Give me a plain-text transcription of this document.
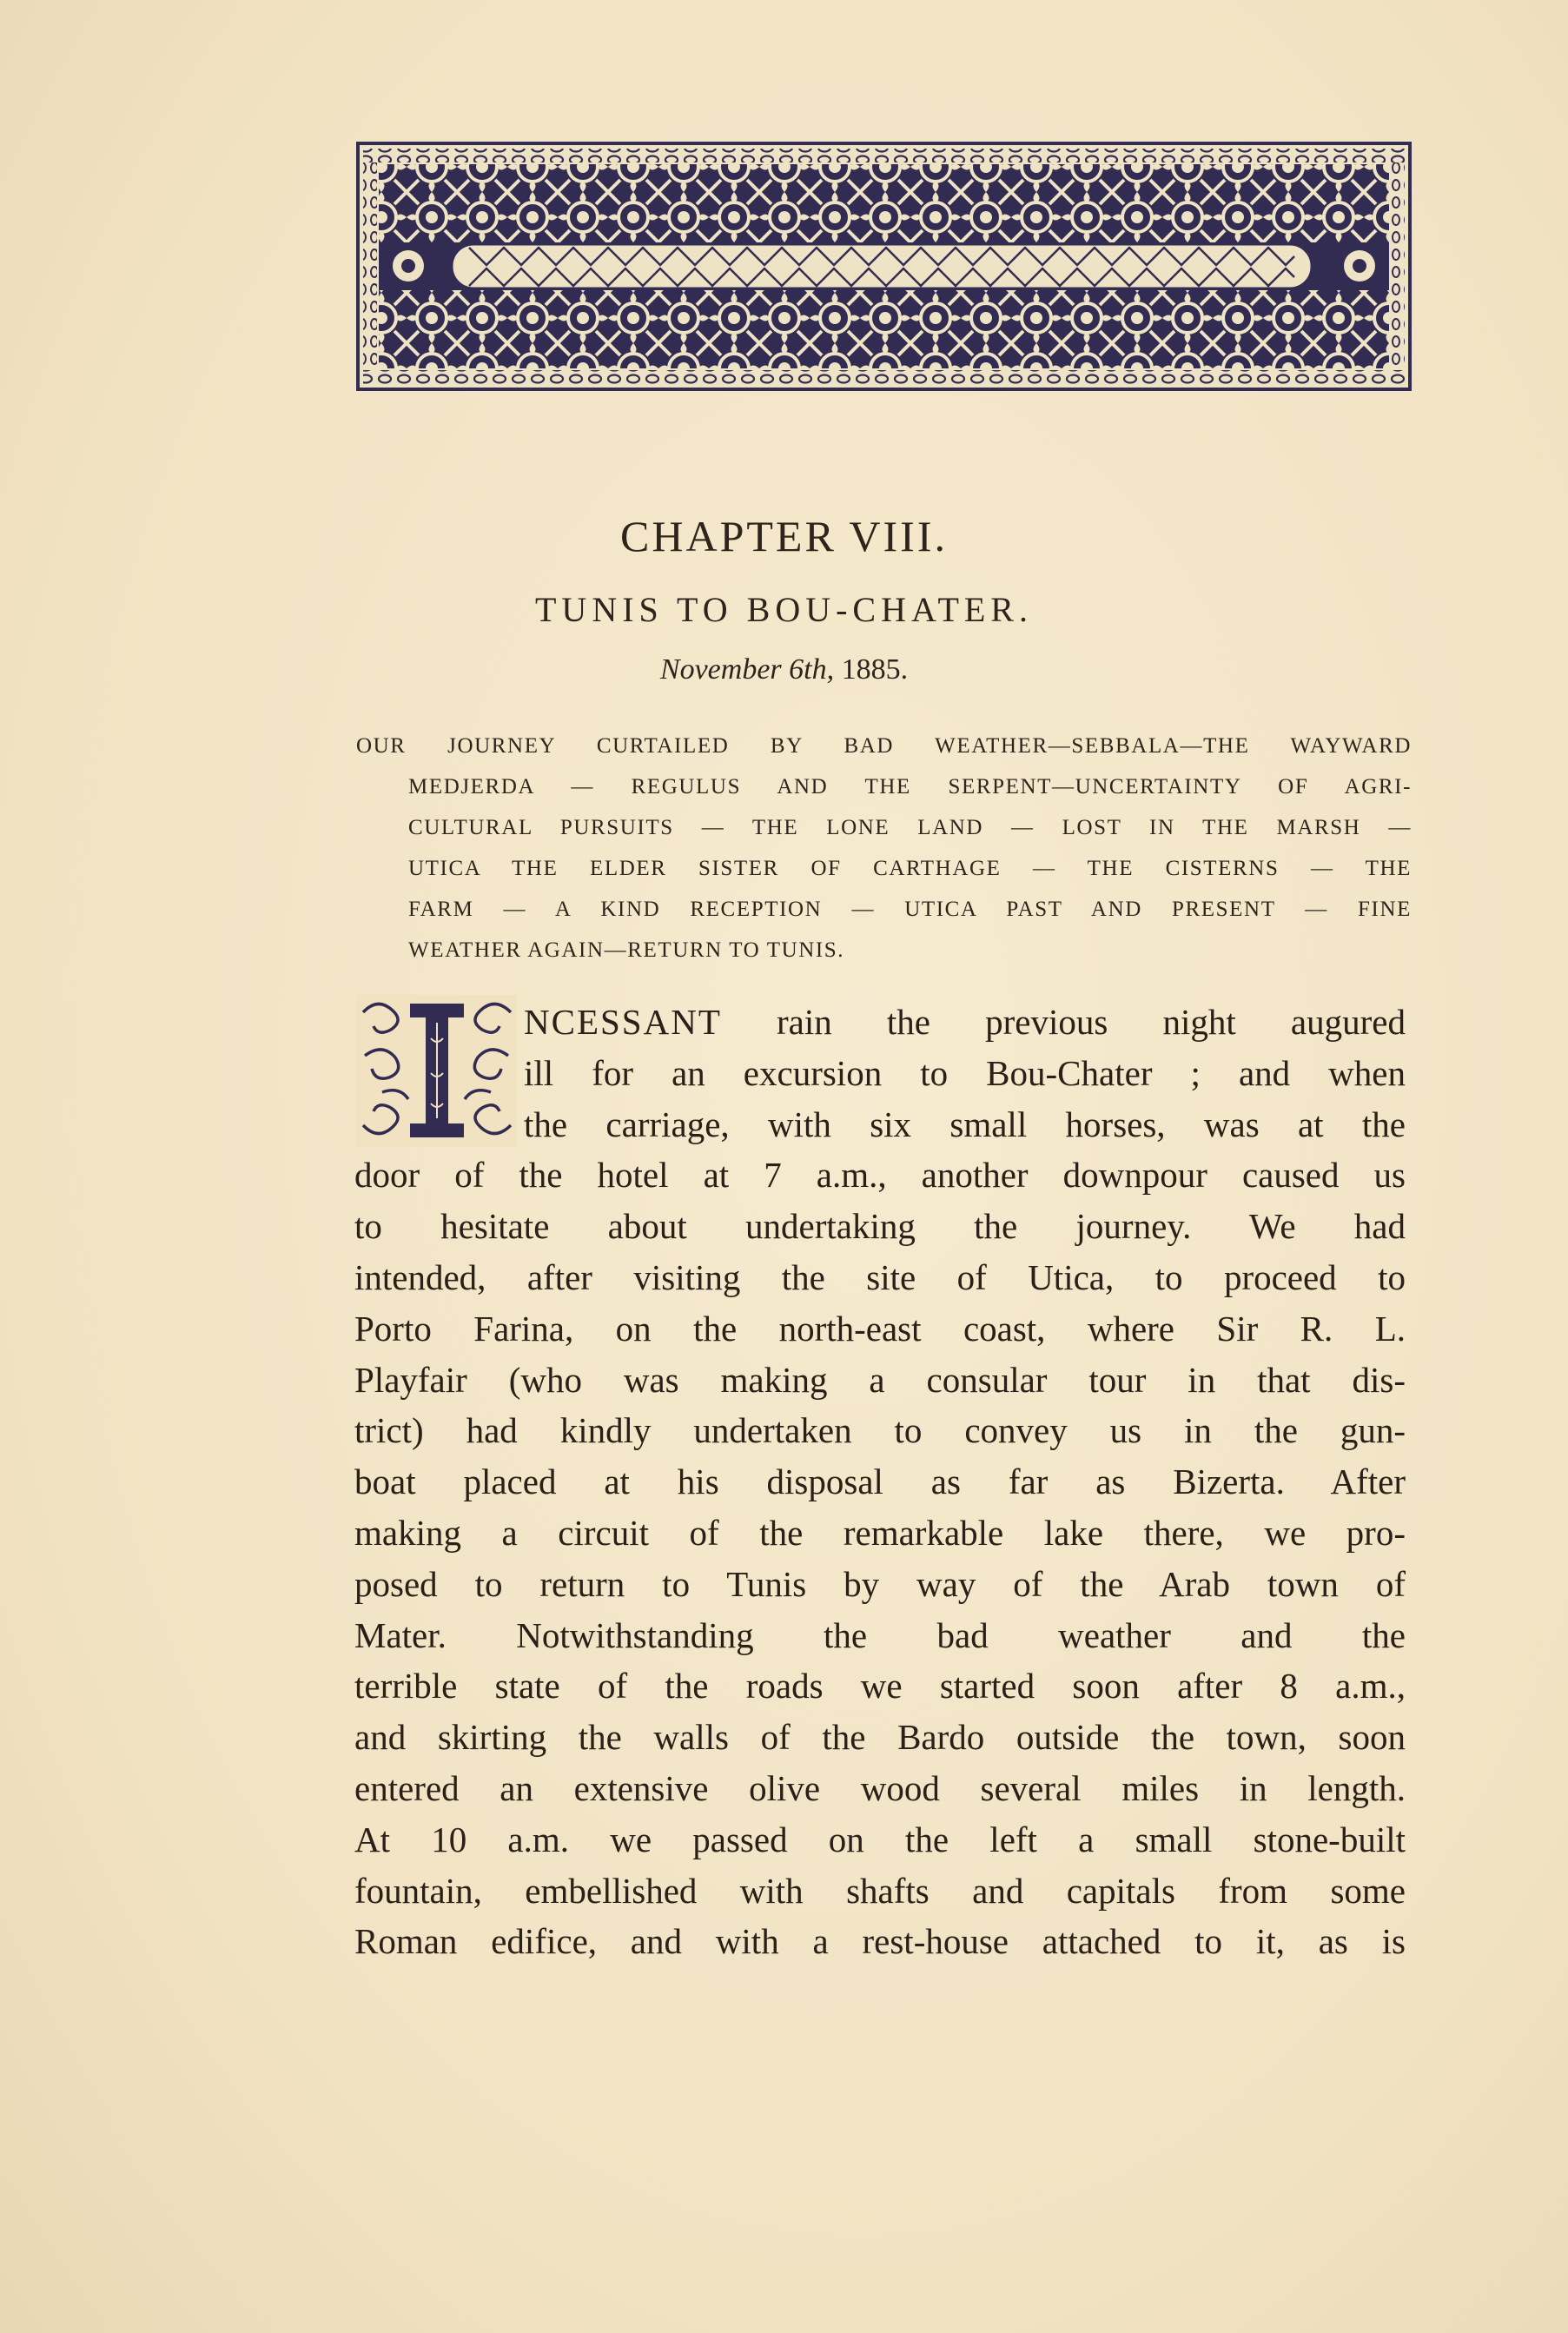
CHAPTER VIII.
TUNIS TO BOU-CHATER.
November 6th, 1885.
OUR JOURNEY CURTAILED BY BAD WEATHER—SEBBALA—THE WAYWARD
MEDJERDA — REGULUS AND THE SERPENT—UNCERTAINTY OF AGRI-
CULTURAL PURSUITS — THE LONE LAND — LOST IN THE MARSH —
UTICA THE ELDER SISTER OF CARTHAGE — THE CISTERNS — THE
FARM — A KIND RECEPTION — UTICA PAST AND PRESENT — FINE
WEATHER AGAIN—RETURN TO TUNIS.
NCESSANT rain the previous night augured
ill for an excursion to Bou-Chater ; and when
the carriage, with six small horses, was at the
door of the hotel at 7 a.m., another downpour caused us
to hesitate about undertaking the journey. We had
intended, after visiting the site of Utica, to proceed to
Porto Farina, on the north-east coast, where Sir R. L.
Playfair (who was making a consular tour in that dis-
trict) had kindly undertaken to convey us in the gun-
boat placed at his disposal as far as Bizerta. After
making a circuit of the remarkable lake there, we pro-
posed to return to Tunis by way of the Arab town of
Mater. Notwithstanding the bad weather and the
terrible state of the roads we started soon after 8 a.m.,
and skirting the walls of the Bardo outside the town, soon
entered an extensive olive wood several miles in length.
At 10 a.m. we passed on the left a small stone-built
fountain, embellished with shafts and capitals from some
Roman edifice, and with a rest-house attached to it, as is
